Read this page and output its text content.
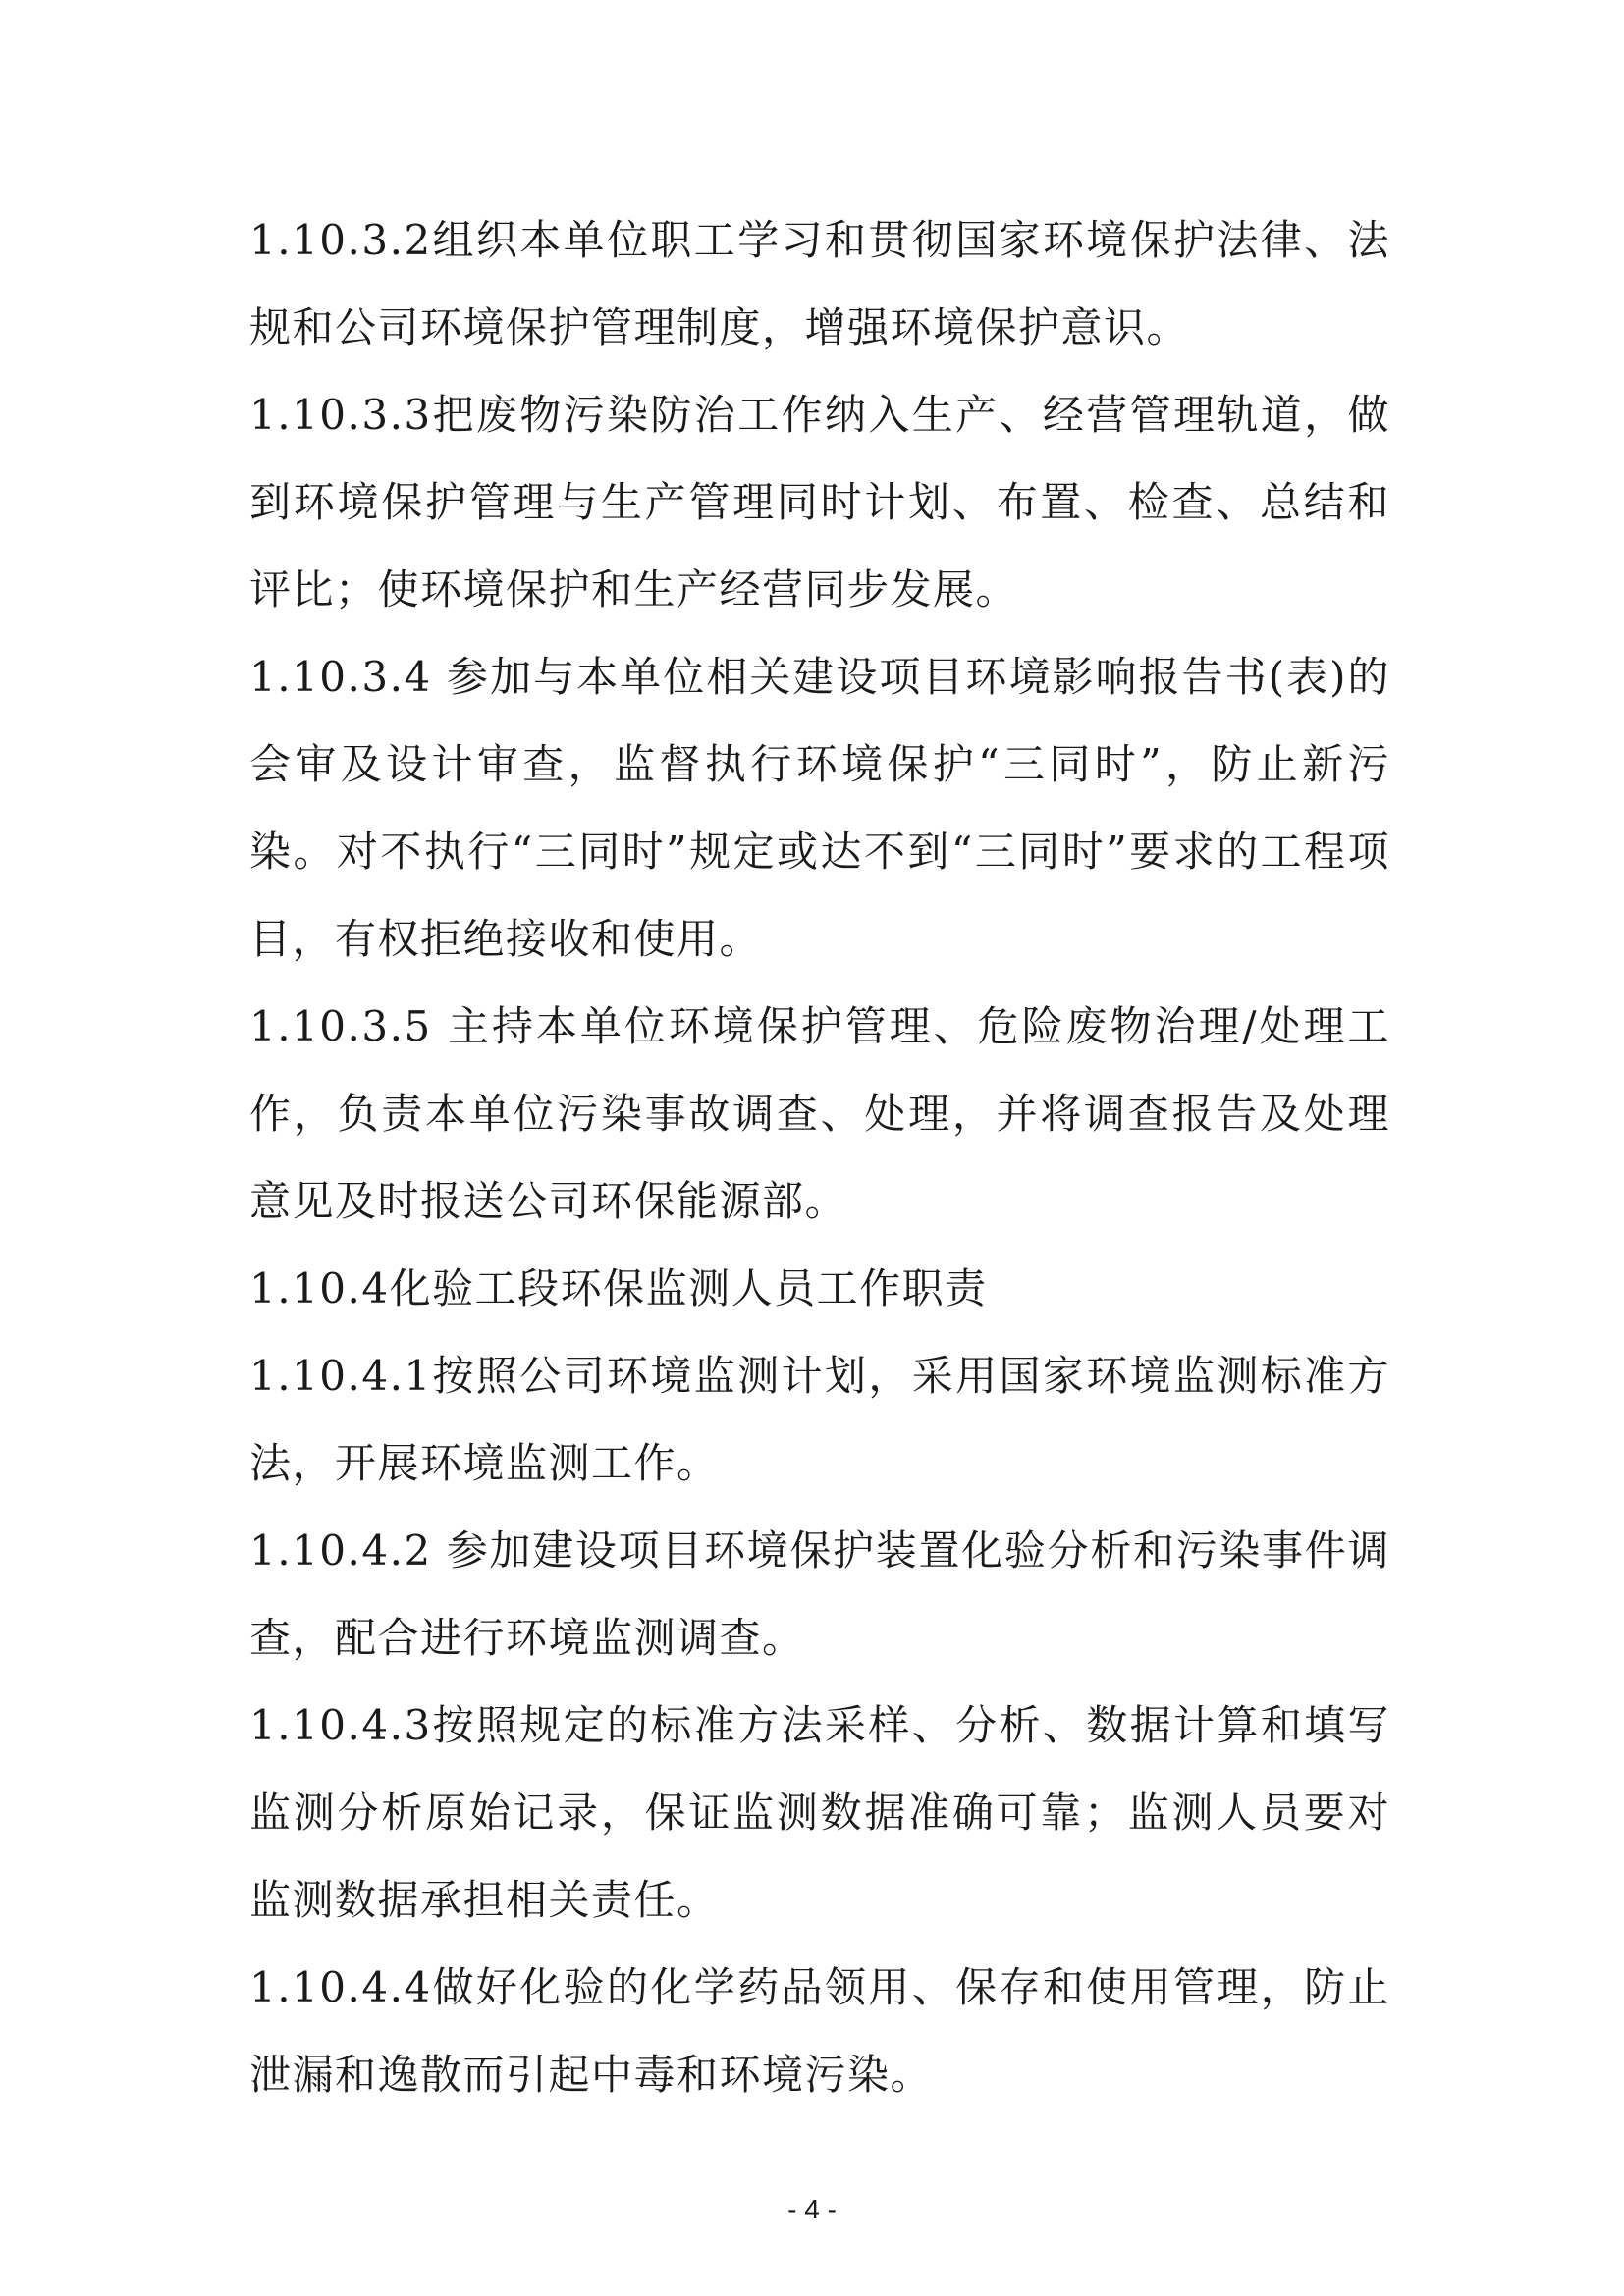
1.10.3.2组织本单位职工学习和贯彻国家环境保护法律、法规和公司环境保护管理制度，增强环境保护意识。

1.10.3.3把废物污染防治工作纳入生产、经营管理轨道，做到环境保护管理与生产管理同时计划、布置、检查、总结和评比；使环境保护和生产经营同步发展。

1.10.3.4 参加与本单位相关建设项目环境影响报告书(表)的会审及设计审查，监督执行环境保护“三同时”，防止新污染。对不执行“三同时”规定或达不到“三同时”要求的工程项目，有权拒绝接收和使用。

1.10.3.5 主持本单位环境保护管理、危险废物治理/处理工作，负责本单位污染事故调查、处理，并将调查报告及处理意见及时报送公司环保能源部。

1.10.4化验工段环保监测人员工作职责

1.10.4.1按照公司环境监测计划，采用国家环境监测标准方法，开展环境监测工作。

1.10.4.2 参加建设项目环境保护装置化验分析和污染事件调查，配合进行环境监测调查。

1.10.4.3按照规定的标准方法采样、分析、数据计算和填写监测分析原始记录，保证监测数据准确可靠；监测人员要对监测数据承担相关责任。

1.10.4.4做好化验的化学药品领用、保存和使用管理，防止泄漏和逸散而引起中毒和环境污染。

- 4 -
